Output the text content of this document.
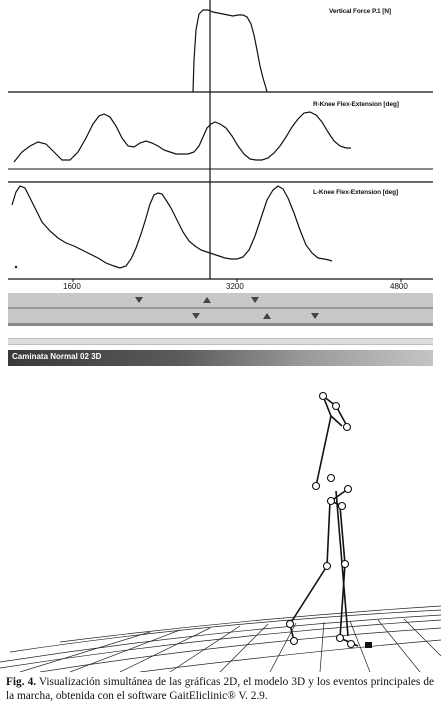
Vertical Force P.1 [N]
R-Knee Flex-Extension [deg]
L-Knee Flex-Extension [deg]
1600	3200	4800
Caminata Normal 02 3D
Fig. 4. Visualización simultánea de las gráficas 2D, el modelo 3D y los eventos principales de la marcha, obtenida con el software GaitEliclinic® V. 2.9.
